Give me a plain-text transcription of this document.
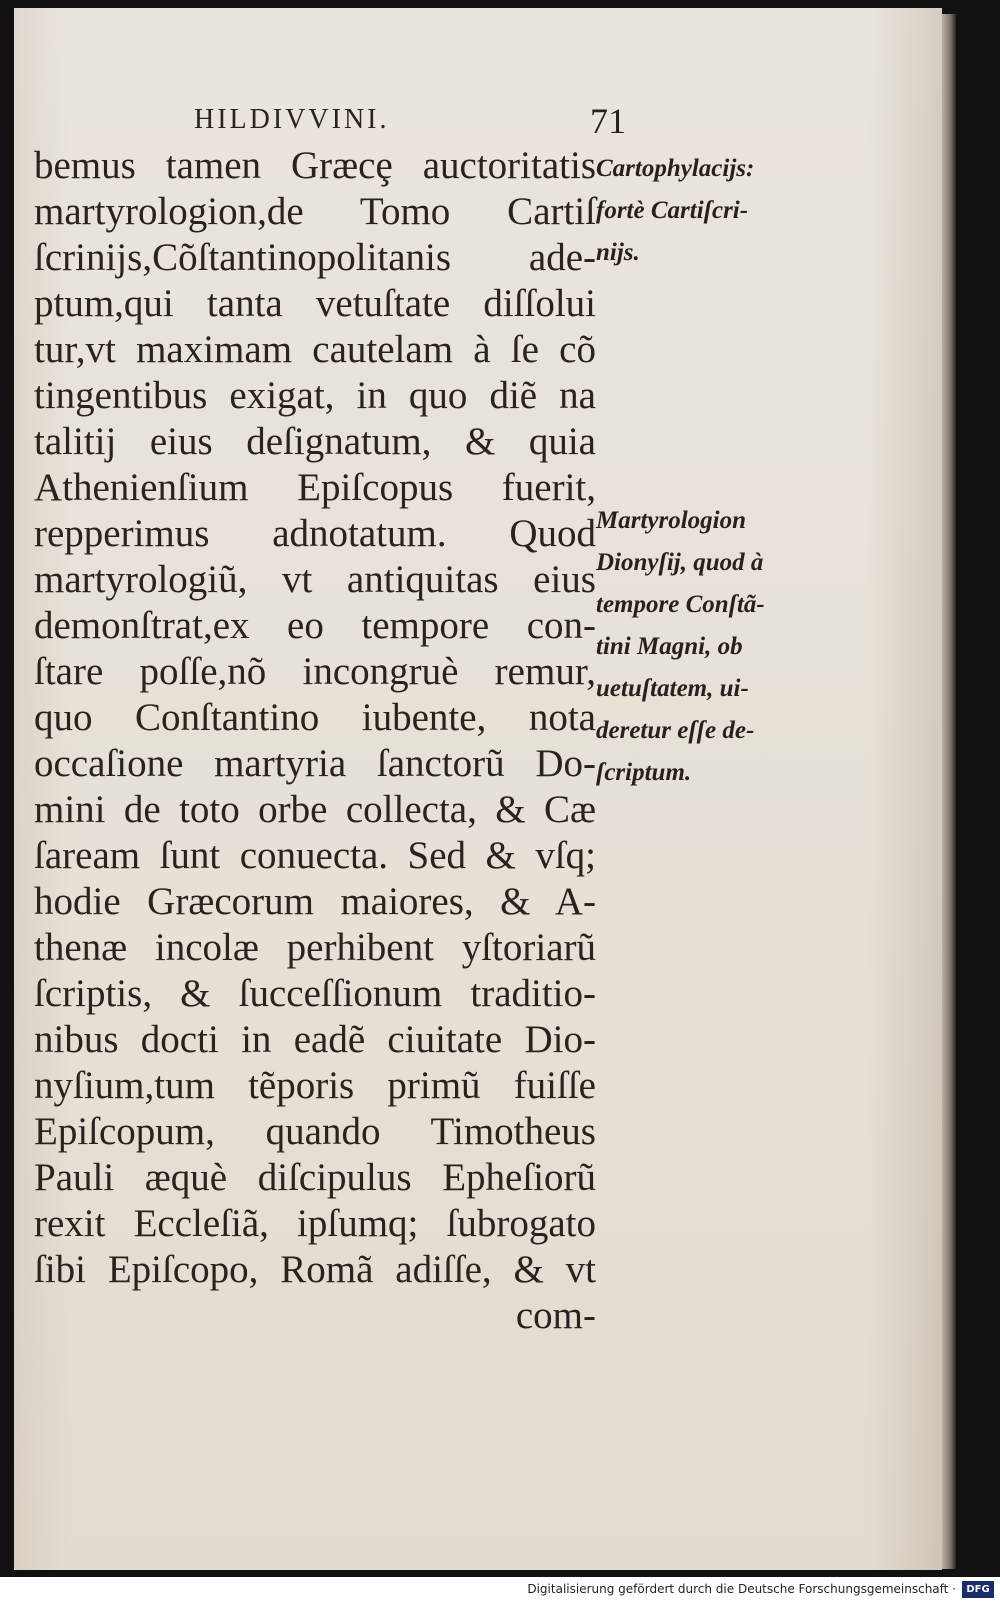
HILDIVVINI.	71
bemus tamen Græcȩ auctoritatis
martyrologion,de Tomo Cartiſ
ſcrinijs,Cõſtantinopolitanis ade-
ptum,qui tanta vetuſtate diſſolui
tur,vt maximam cautelam à ſe cõ
tingentibus exigat, in quo diẽ na
talitij eius deſignatum, & quia
Athenienſium Epiſcopus fuerit,
repperimus adnotatum. Quod
martyrologiũ, vt antiquitas eius
demonſtrat,ex eo tempore con-
ſtare poſſe,nõ incongruè remur,
quo Conſtantino iubente, nota
occaſione martyria ſanctorũ Do-
mini de toto orbe collecta, & Cæ
ſaream ſunt conuecta. Sed & vſq;
hodie Græcorum maiores, & A-
thenæ incolæ perhibent yſtoriarũ
ſcriptis, & ſucceſſionum traditio-
nibus docti in eadẽ ciuitate Dio-
nyſium,tum tẽporis primũ fuiſſe
Epiſcopum, quando Timotheus
Pauli æquè diſcipulus Epheſiorũ
rexit Eccleſiã, ipſumq; ſubrogato
ſibi Epiſcopo, Romã adiſſe, & vt
com-
Cartophylacijs:
fortè Cartiſcri-
nijs.
Martyrologion
Dionyſij, quod à
tempore Conſtã-
tini Magni, ob
uetuſtatem, ui-
deretur eſſe de-
ſcriptum.
Digitalisierung gefördert durch die Deutsche Forschungsgemeinschaft ·	DFG
